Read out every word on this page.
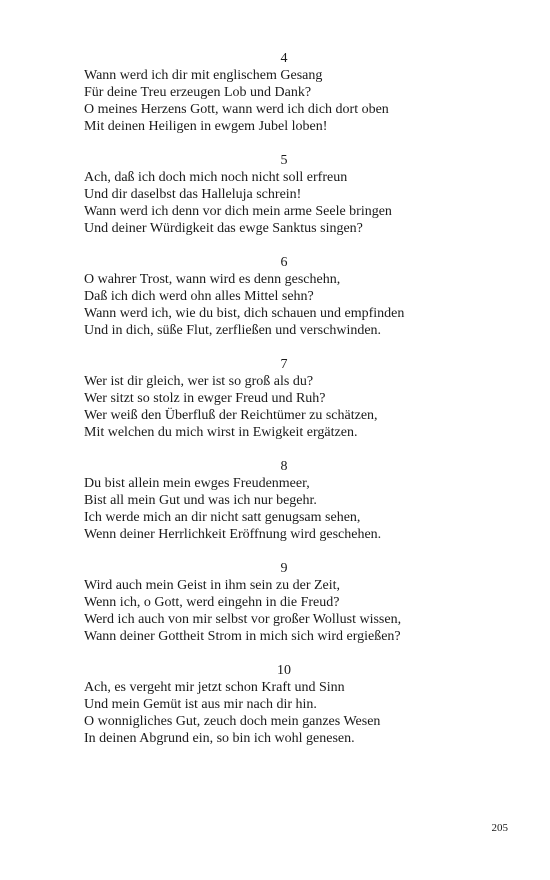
4
Wann werd ich dir mit englischem Gesang
Für deine Treu erzeugen Lob und Dank?
O meines Herzens Gott, wann werd ich dich dort oben
Mit deinen Heiligen in ewgem Jubel loben!
5
Ach, daß ich doch mich noch nicht soll erfreun
Und dir daselbst das Halleluja schrein!
Wann werd ich denn vor dich mein arme Seele bringen
Und deiner Würdigkeit das ewge Sanktus singen?
6
O wahrer Trost, wann wird es denn geschehn,
Daß ich dich werd ohn alles Mittel sehn?
Wann werd ich, wie du bist, dich schauen und empfinden
Und in dich, süße Flut, zerfließen und verschwinden.
7
Wer ist dir gleich, wer ist so groß als du?
Wer sitzt so stolz in ewger Freud und Ruh?
Wer weiß den Überfluß der Reichtümer zu schätzen,
Mit welchen du mich wirst in Ewigkeit ergätzen.
8
Du bist allein mein ewges Freudenmeer,
Bist all mein Gut und was ich nur begehr.
Ich werde mich an dir nicht satt genugsam sehen,
Wenn deiner Herrlichkeit Eröffnung wird geschehen.
9
Wird auch mein Geist in ihm sein zu der Zeit,
Wenn ich, o Gott, werd eingehn in die Freud?
Werd ich auch von mir selbst vor großer Wollust wissen,
Wann deiner Gottheit Strom in mich sich wird ergießen?
10
Ach, es vergeht mir jetzt schon Kraft und Sinn
Und mein Gemüt ist aus mir nach dir hin.
O wonnigliches Gut, zeuch doch mein ganzes Wesen
In deinen Abgrund ein, so bin ich wohl genesen.
205
